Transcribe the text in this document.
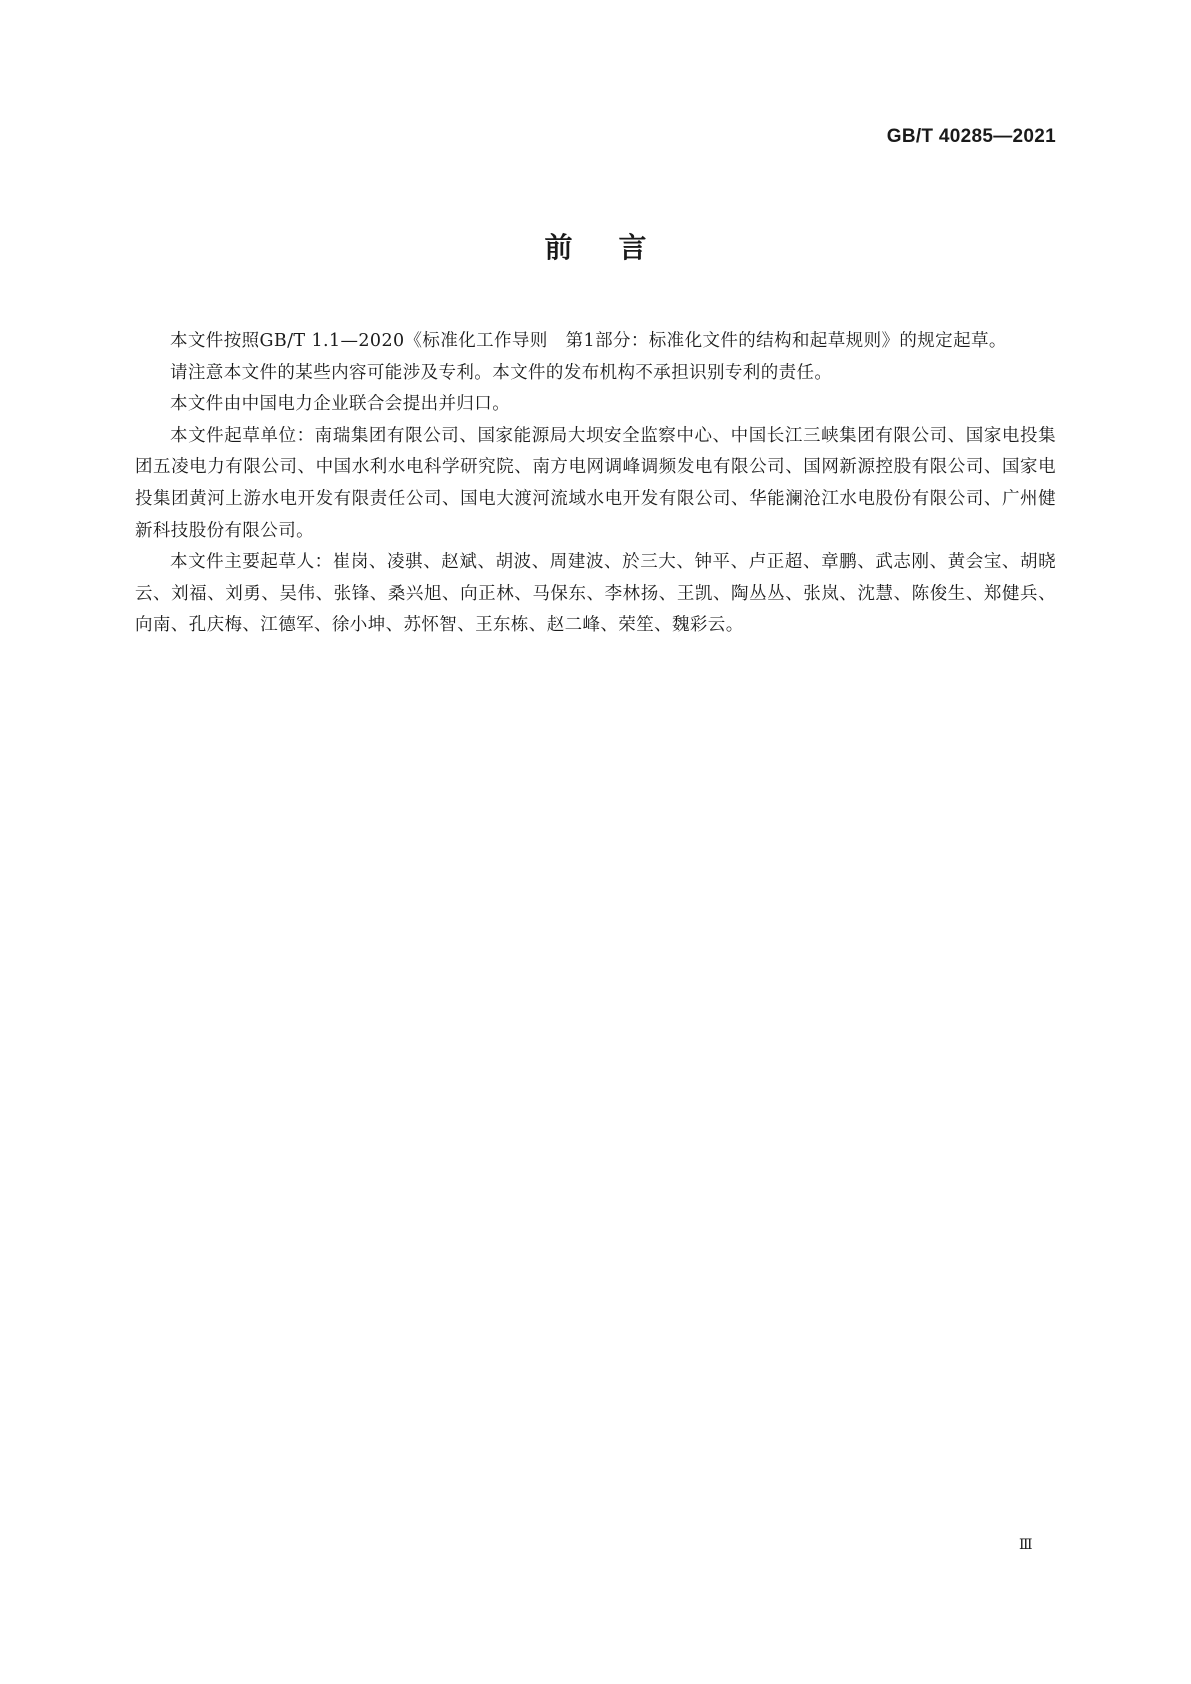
GB/T 40285—2021
前言

本文件按照GB/T 1.1—2020《标准化工作导则　第1部分：标准化文件的结构和起草规则》的规定起草。

请注意本文件的某些内容可能涉及专利。本文件的发布机构不承担识别专利的责任。

本文件由中国电力企业联合会提出并归口。

本文件起草单位：南瑞集团有限公司、国家能源局大坝安全监察中心、中国长江三峡集团有限公司、国家电投集团五凌电力有限公司、中国水利水电科学研究院、南方电网调峰调频发电有限公司、国网新源控股有限公司、国家电投集团黄河上游水电开发有限责任公司、国电大渡河流域水电开发有限公司、华能澜沧江水电股份有限公司、广州健新科技股份有限公司。

本文件主要起草人：崔岗、凌骐、赵斌、胡波、周建波、於三大、钟平、卢正超、章鹏、武志刚、黄会宝、胡晓云、刘福、刘勇、吴伟、张锋、桑兴旭、向正林、马保东、李林扬、王凯、陶丛丛、张岚、沈慧、陈俊生、郑健兵、向南、孔庆梅、江德军、徐小坤、苏怀智、王东栋、赵二峰、荣笙、魏彩云。

Ⅲ
